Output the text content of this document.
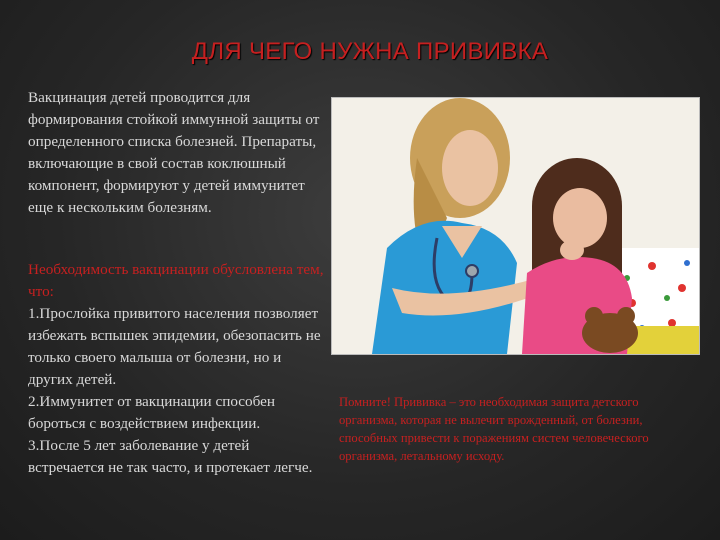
ДЛЯ ЧЕГО НУЖНА ПРИВИВКА
Вакцинация детей проводится для формирования стойкой иммунной защиты от определенного списка болезней. Препараты, включающие в свой состав коклюшный компонент, формируют у детей иммунитет еще к нескольким болезням.
Необходимость вакцинации обусловлена тем, что:
1.Прослойка привитого населения позволяет избежать вспышек эпидемии, обезопасить не только своего малыша от болезни, но и других детей.
2.Иммунитет от вакцинации способен бороться с воздействием инфекции.
3.После 5 лет заболевание у детей встречается не так часто, и протекает легче.
Помните! Прививка – это необходимая защита детского организма, которая не вылечит врожденный, от болезни, способных привести к поражениям систем человеческого организма, летальному исходу.
